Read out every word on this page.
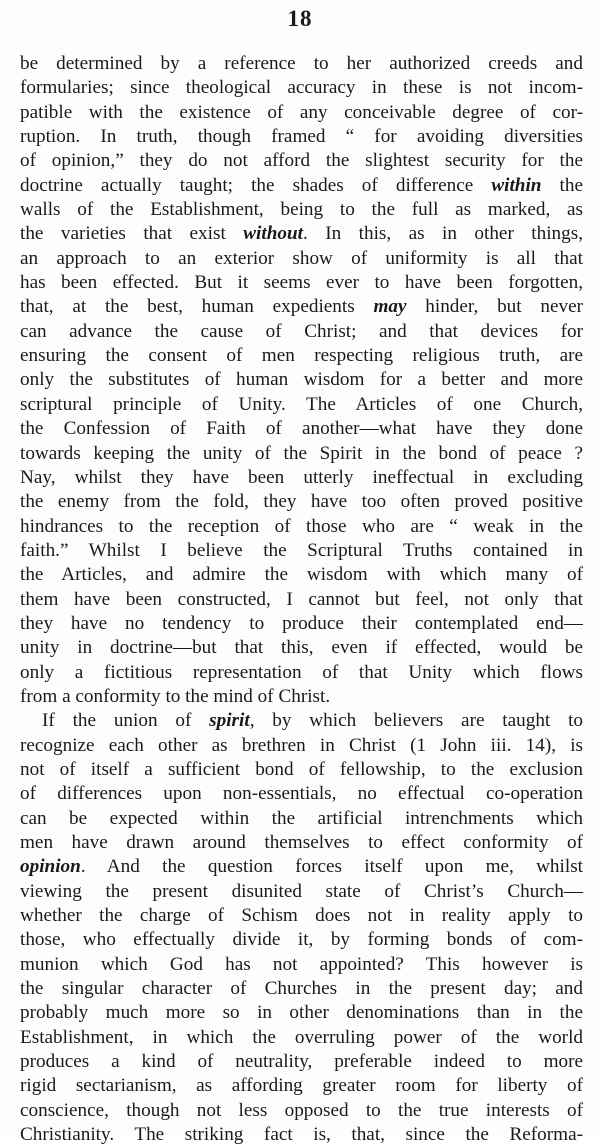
18
be determined by a reference to her authorized creeds and
formularies; since theological accuracy in these is not incom-
patible with the existence of any conceivable degree of cor-
ruption. In truth, though framed “ for avoiding diversities
of opinion,” they do not afford the slightest security for the
doctrine actually taught; the shades of difference within the
walls of the Establishment, being to the full as marked, as
the varieties that exist without. In this, as in other things,
an approach to an exterior show of uniformity is all that
has been effected. But it seems ever to have been forgotten,
that, at the best, human expedients may hinder, but never
can advance the cause of Christ; and that devices for
ensuring the consent of men respecting religious truth, are
only the substitutes of human wisdom for a better and more
scriptural principle of Unity. The Articles of one Church,
the Confession of Faith of another—what have they done
towards keeping the unity of the Spirit in the bond of peace ?
Nay, whilst they have been utterly ineffectual in excluding
the enemy from the fold, they have too often proved positive
hindrances to the reception of those who are “ weak in the
faith.” Whilst I believe the Scriptural Truths contained in
the Articles, and admire the wisdom with which many of
them have been constructed, I cannot but feel, not only that
they have no tendency to produce their contemplated end—
unity in doctrine—but that this, even if effected, would be
only a fictitious representation of that Unity which flows
from a conformity to the mind of Christ.
If the union of spirit, by which believers are taught to
recognize each other as brethren in Christ (1 John iii. 14), is
not of itself a sufficient bond of fellowship, to the exclusion
of differences upon non-essentials, no effectual co-operation
can be expected within the artificial intrenchments which
men have drawn around themselves to effect conformity of
opinion. And the question forces itself upon me, whilst
viewing the present disunited state of Christ’s Church—
whether the charge of Schism does not in reality apply to
those, who effectually divide it, by forming bonds of com-
munion which God has not appointed? This however is
the singular character of Churches in the present day; and
probably much more so in other denominations than in the
Establishment, in which the overruling power of the world
produces a kind of neutrality, preferable indeed to more
rigid sectarianism, as affording greater room for liberty of
conscience, though not less opposed to the true interests of
Christianity. The striking fact is, that, since the Reforma-
